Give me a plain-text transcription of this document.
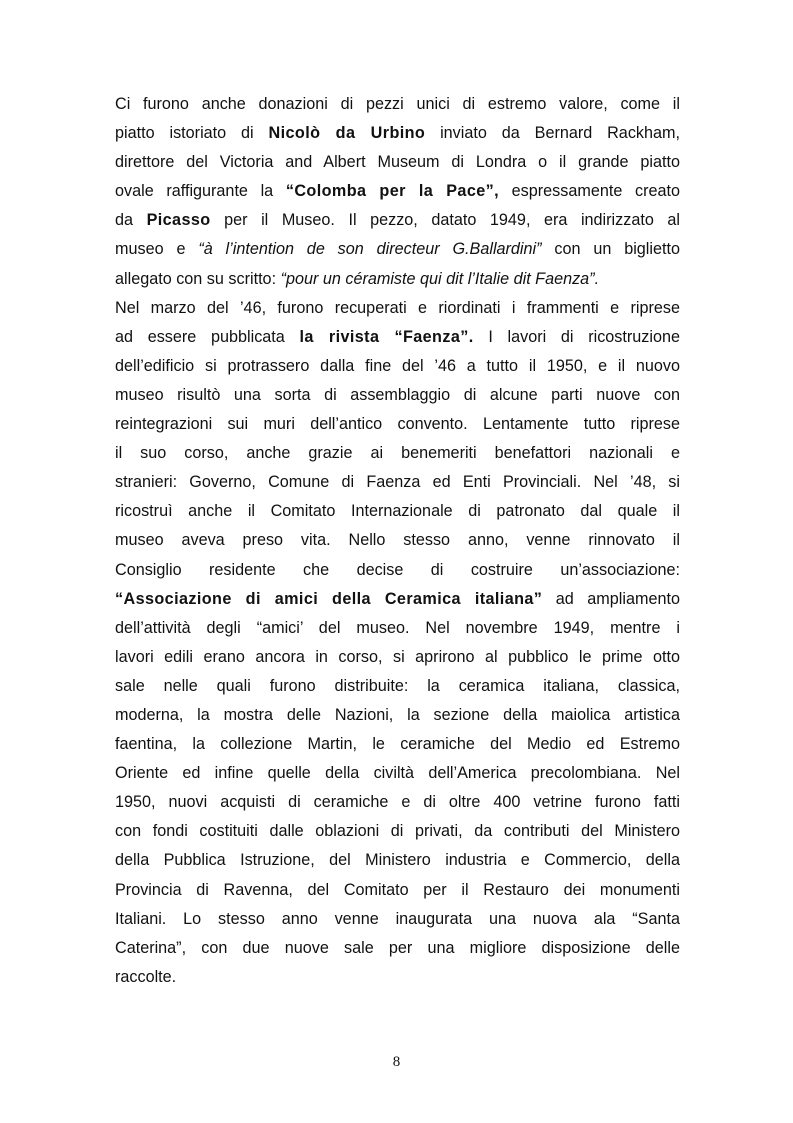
Ci furono anche donazioni di pezzi unici di estremo valore, come il
piatto istoriato di Nicolò da Urbino inviato da Bernard Rackham,
direttore del Victoria and Albert Museum di Londra o il grande piatto
ovale raffigurante la “Colomba per la Pace”, espressamente creato
da Picasso per il Museo. Il pezzo, datato 1949, era indirizzato al
museo e “à l’intention de son directeur G.Ballardini” con un biglietto
allegato con su scritto: “pour un céramiste qui dit l’Italie dit Faenza”.
Nel marzo del ’46, furono recuperati e riordinati i frammenti e riprese
ad essere pubblicata la rivista “Faenza”. I lavori di ricostruzione
dell’edificio si protrassero dalla fine del ’46 a tutto il 1950, e il nuovo
museo risultò una sorta di assemblaggio di alcune parti nuove con
reintegrazioni sui muri dell’antico convento. Lentamente tutto riprese
il suo corso, anche grazie ai benemeriti benefattori nazionali e
stranieri: Governo, Comune di Faenza ed Enti Provinciali. Nel ’48, si
ricostruì anche il Comitato Internazionale di patronato dal quale il
museo aveva preso vita. Nello stesso anno, venne rinnovato il
Consiglio residente che decise di costruire un’associazione:
“Associazione di amici della Ceramica italiana” ad ampliamento
dell’attività degli “amici’ del museo. Nel novembre 1949, mentre i
lavori edili erano ancora in corso, si aprirono al pubblico le prime otto
sale nelle quali furono distribuite: la ceramica italiana, classica,
moderna, la mostra delle Nazioni, la sezione della maiolica artistica
faentina, la collezione Martin, le ceramiche del Medio ed Estremo
Oriente ed infine quelle della civiltà dell’America precolombiana. Nel
1950, nuovi acquisti di ceramiche e di oltre 400 vetrine furono fatti
con fondi costituiti dalle oblazioni di privati, da contributi del Ministero
della Pubblica Istruzione, del Ministero industria e Commercio, della
Provincia di Ravenna, del Comitato per il Restauro dei monumenti
Italiani. Lo stesso anno venne inaugurata una nuova ala “Santa
Caterina”, con due nuove sale per una migliore disposizione delle
raccolte.
8
